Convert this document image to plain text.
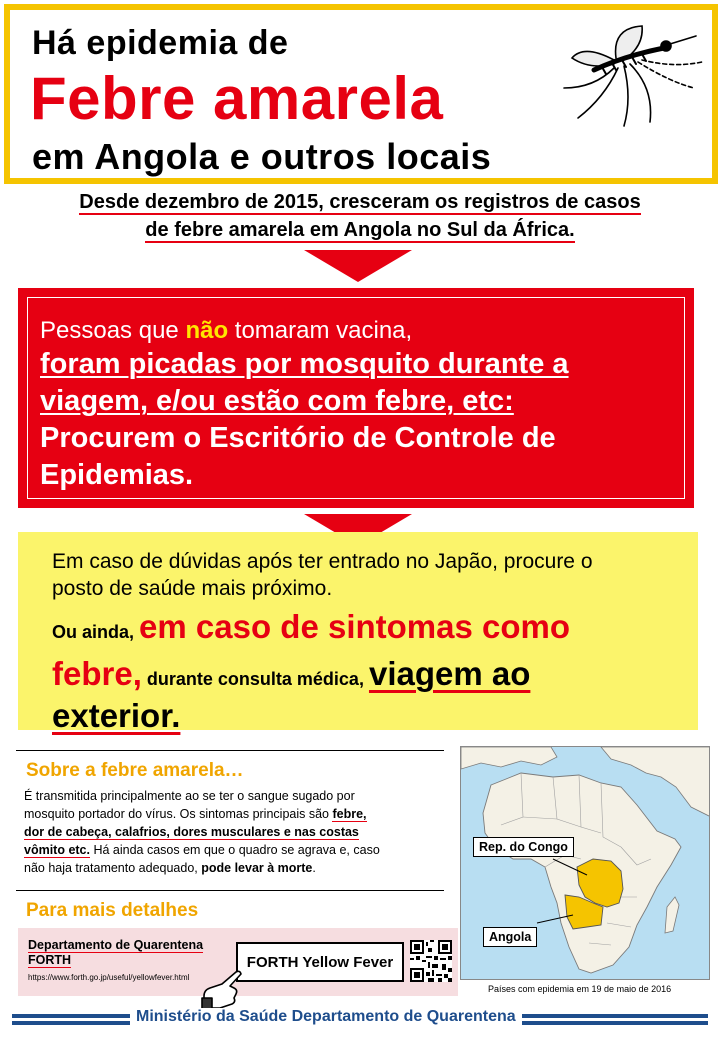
Há epidemia de
Febre amarela
em Angola e outros locais
Desde dezembro de 2015, cresceram os registros de casos
de febre amarela em Angola no Sul da África.
Pessoas que não tomaram vacina,
foram picadas por mosquito durante a
viagem, e/ou estão com febre, etc:
Procurem o Escritório de Controle de
Epidemias.
Em caso de dúvidas após ter entrado no Japão, procure o
posto de saúde mais próximo.
Ou ainda, em caso de sintomas como
febre, durante consulta médica, viagem ao
exterior.
Sobre a febre amarela…
É transmitida principalmente ao se ter o sangue sugado por
mosquito portador do vírus. Os sintomas principais são febre,
dor de cabeça, calafrios, dores musculares e nas costas
vômito etc. Há ainda casos em que o quadro se agrava e, caso
não haja tratamento adequado, pode levar à morte.
Para mais detalhes
Departamento de Quarentena
FORTH
https://www.forth.go.jp/useful/yellowfever.html
FORTH Yellow Fever
Rep. do Congo
Angola
Países com epidemia em 19 de maio de 2016
Ministério da Saúde Departamento de Quarentena
